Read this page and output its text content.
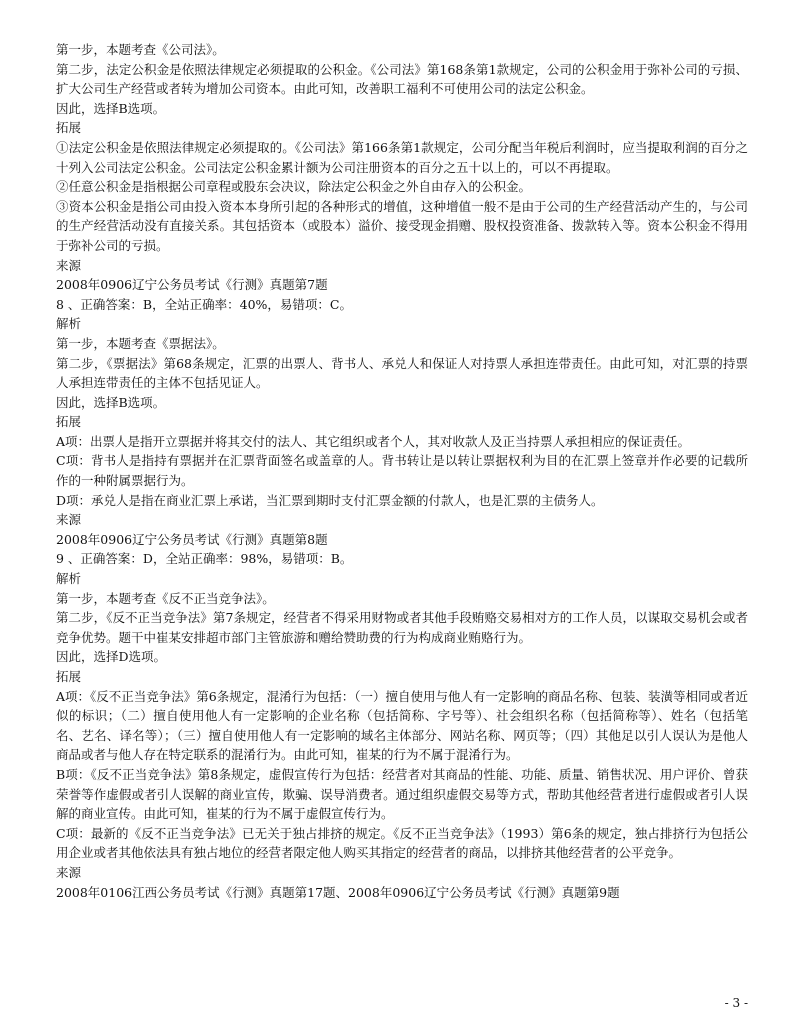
第一步，本题考查《公司法》。

第二步，法定公积金是依照法律规定必须提取的公积金。《公司法》第168条第1款规定，公司的公积金用于弥补公司的亏损、扩大公司生产经营或者转为增加公司资本。由此可知，改善职工福利不可使用公司的法定公积金。

因此，选择B选项。

拓展

①法定公积金是依照法律规定必须提取的。《公司法》第166条第1款规定，公司分配当年税后利润时，应当提取利润的百分之十列入公司法定公积金。公司法定公积金累计额为公司注册资本的百分之五十以上的，可以不再提取。

②任意公积金是指根据公司章程或股东会决议，除法定公积金之外自由存入的公积金。

③资本公积金是指公司由投入资本本身所引起的各种形式的增值，这种增值一般不是由于公司的生产经营活动产生的，与公司的生产经营活动没有直接关系。其包括资本（或股本）溢价、接受现金捐赠、股权投资准备、拨款转入等。资本公积金不得用于弥补公司的亏损。

来源

2008年0906辽宁公务员考试《行测》真题第7题

8 、正确答案：B，全站正确率：40%，易错项：C。

解析

第一步，本题考查《票据法》。

第二步，《票据法》第68条规定，汇票的出票人、背书人、承兑人和保证人对持票人承担连带责任。由此可知，对汇票的持票人承担连带责任的主体不包括见证人。

因此，选择B选项。

拓展

A项：出票人是指开立票据并将其交付的法人、其它组织或者个人，其对收款人及正当持票人承担相应的保证责任。

C项：背书人是指持有票据并在汇票背面签名或盖章的人。背书转让是以转让票据权利为目的在汇票上签章并作必要的记载所作的一种附属票据行为。

D项：承兑人是指在商业汇票上承诺，当汇票到期时支付汇票金额的付款人，也是汇票的主债务人。

来源

2008年0906辽宁公务员考试《行测》真题第8题

9 、正确答案：D，全站正确率：98%，易错项：B。

解析

第一步，本题考查《反不正当竞争法》。

第二步，《反不正当竞争法》第7条规定，经营者不得采用财物或者其他手段贿赂交易相对方的工作人员，以谋取交易机会或者竞争优势。题干中崔某安排超市部门主管旅游和赠给赞助费的行为构成商业贿赂行为。

因此，选择D选项。

拓展

A项：《反不正当竞争法》第6条规定，混淆行为包括：（一）擅自使用与他人有一定影响的商品名称、包装、装潢等相同或者近似的标识；（二）擅自使用他人有一定影响的企业名称（包括简称、字号等）、社会组织名称（包括简称等）、姓名（包括笔名、艺名、译名等）；（三）擅自使用他人有一定影响的域名主体部分、网站名称、网页等；（四）其他足以引人误认为是他人商品或者与他人存在特定联系的混淆行为。由此可知，崔某的行为不属于混淆行为。

B项：《反不正当竞争法》第8条规定，虚假宣传行为包括：经营者对其商品的性能、功能、质量、销售状况、用户评价、曾获荣誉等作虚假或者引人误解的商业宣传，欺骗、误导消费者。通过组织虚假交易等方式，帮助其他经营者进行虚假或者引人误解的商业宣传。由此可知，崔某的行为不属于虚假宣传行为。

C项：最新的《反不正当竞争法》已无关于独占排挤的规定。《反不正当竞争法》（1993）第6条的规定，独占排挤行为包括公用企业或者其他依法具有独占地位的经营者限定他人购买其指定的经营者的商品，以排挤其他经营者的公平竞争。

来源

2008年0106江西公务员考试《行测》真题第17题、2008年0906辽宁公务员考试《行测》真题第9题

- 3 -
